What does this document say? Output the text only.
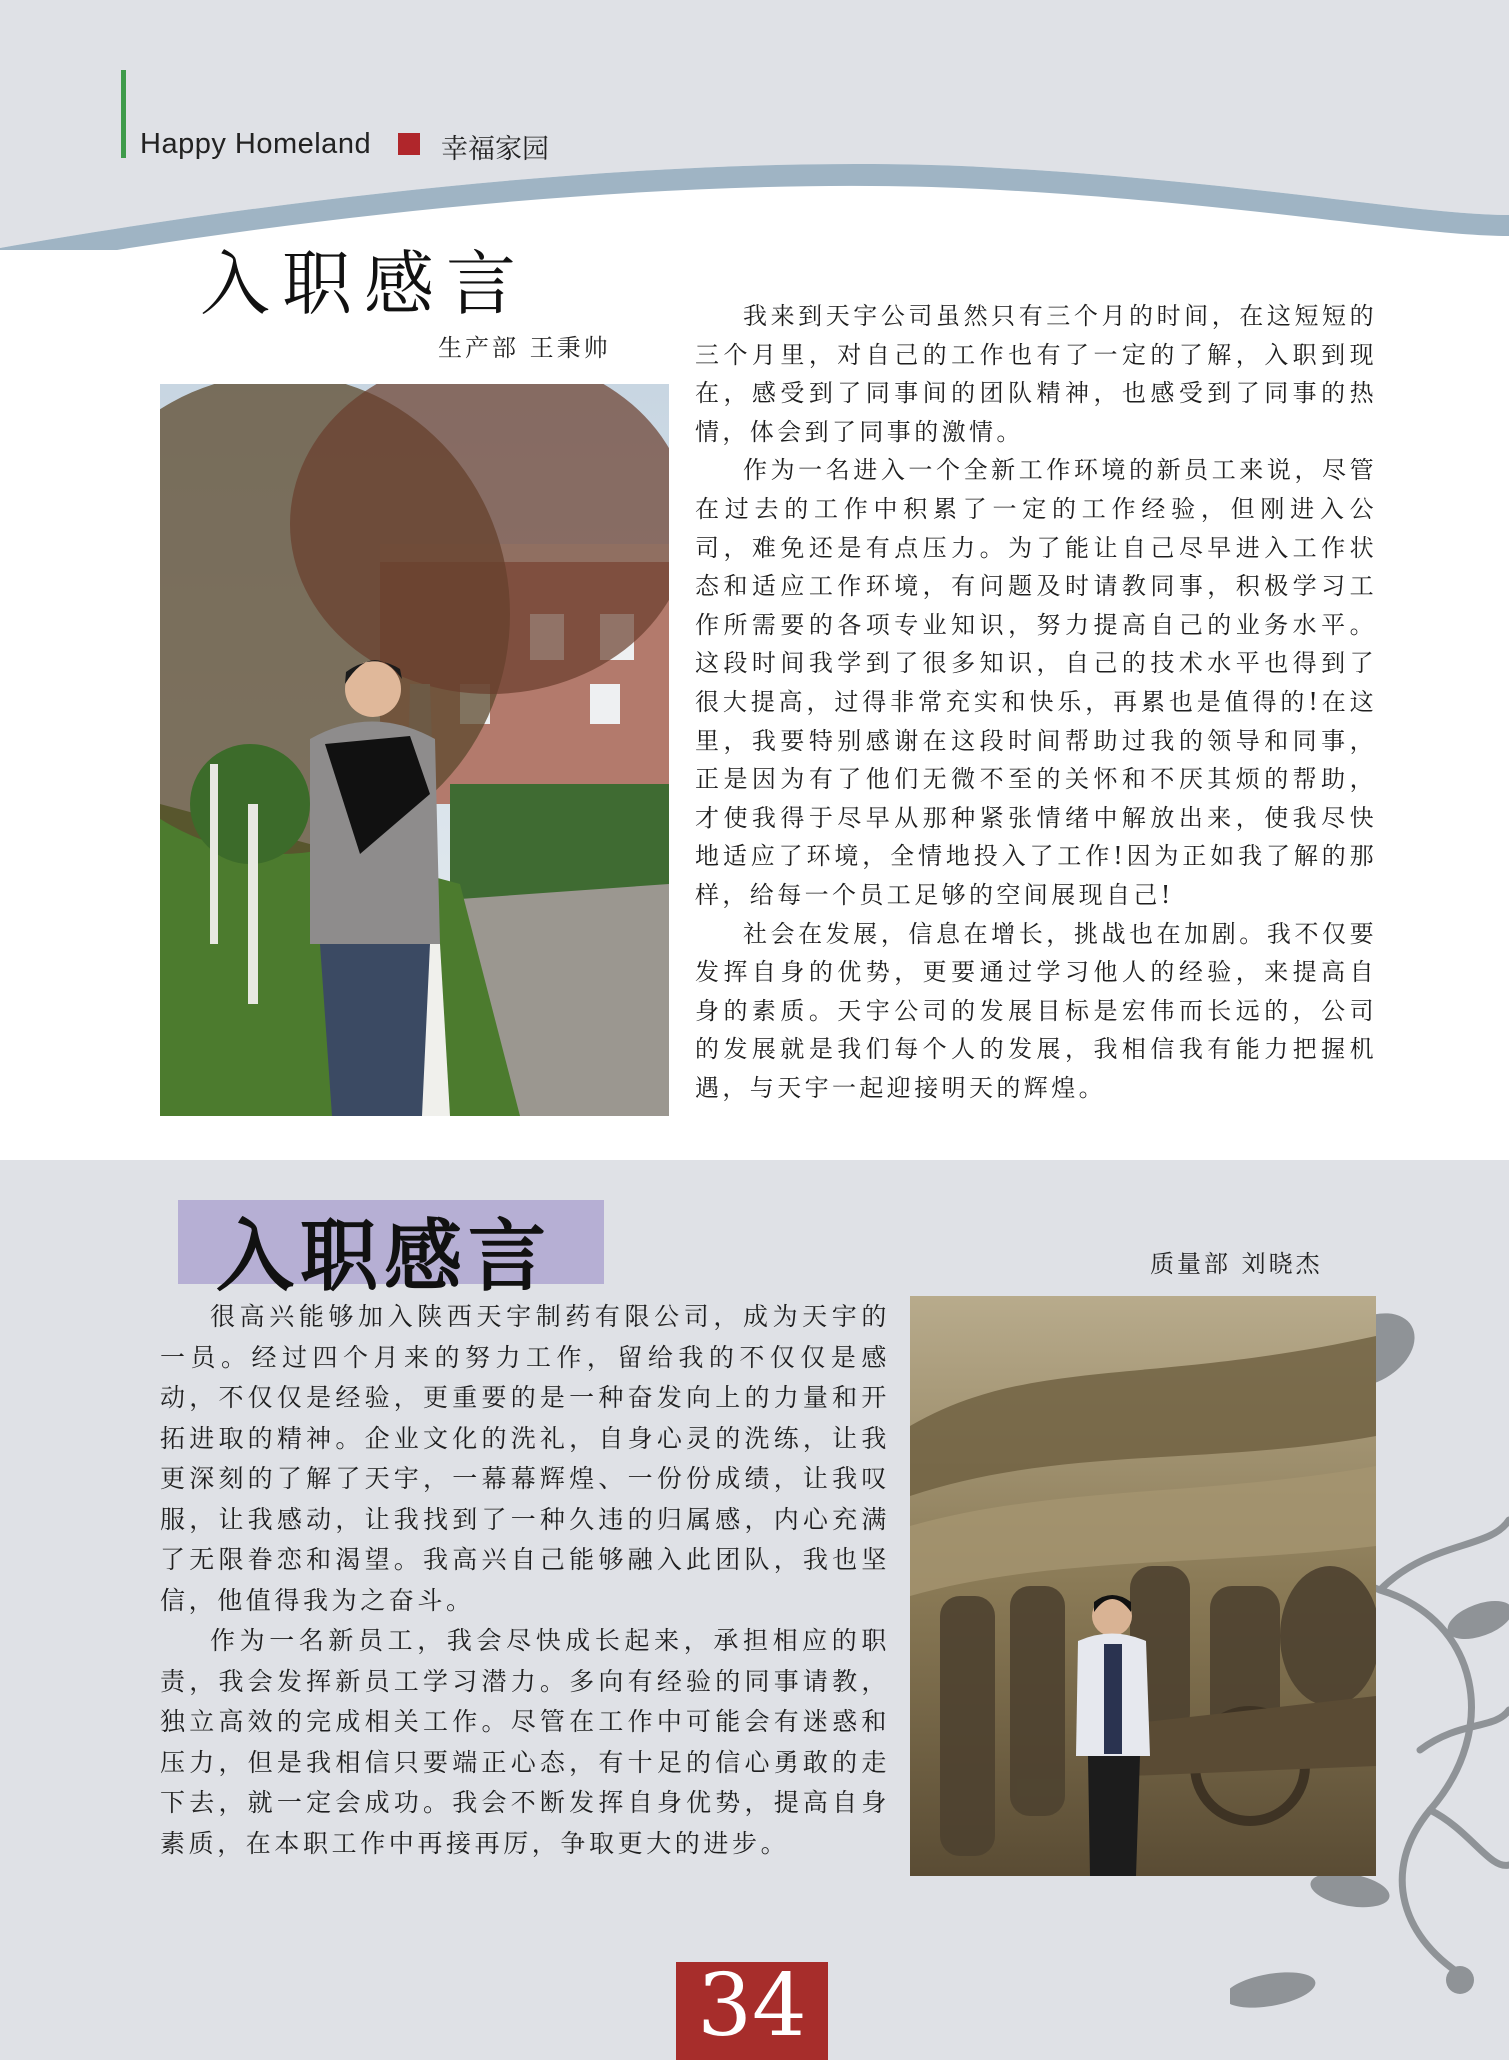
Happy Homeland	幸福家园
入职感言
生产部 王秉帅

我来到天宇公司虽然只有三个月的时间，在这短短的三个月里，对自己的工作也有了一定的了解，入职到现在，感受到了同事间的团队精神，也感受到了同事的热情，体会到了同事的激情。

作为一名进入一个全新工作环境的新员工来说，尽管在过去的工作中积累了一定的工作经验，但刚进入公司，难免还是有点压力。为了能让自己尽早进入工作状态和适应工作环境，有问题及时请教同事，积极学习工作所需要的各项专业知识，努力提高自己的业务水平。这段时间我学到了很多知识，自己的技术水平也得到了很大提高，过得非常充实和快乐，再累也是值得的!在这里，我要特别感谢在这段时间帮助过我的领导和同事，正是因为有了他们无微不至的关怀和不厌其烦的帮助，才使我得于尽早从那种紧张情绪中解放出来，使我尽快地适应了环境，全情地投入了工作!因为正如我了解的那样，给每一个员工足够的空间展现自己!

社会在发展，信息在增长，挑战也在加剧。我不仅要发挥自身的优势，更要通过学习他人的经验，来提高自身的素质。天宇公司的发展目标是宏伟而长远的，公司的发展就是我们每个人的发展，我相信我有能力把握机遇，与天宇一起迎接明天的辉煌。

入职感言	质量部 刘晓杰

很高兴能够加入陕西天宇制药有限公司，成为天宇的一员。经过四个月来的努力工作，留给我的不仅仅是感动，不仅仅是经验，更重要的是一种奋发向上的力量和开拓进取的精神。企业文化的洗礼，自身心灵的洗练，让我更深刻的了解了天宇，一幕幕辉煌、一份份成绩，让我叹服，让我感动，让我找到了一种久违的归属感，内心充满了无限眷恋和渴望。我高兴自己能够融入此团队，我也坚信，他值得我为之奋斗。

作为一名新员工，我会尽快成长起来，承担相应的职责，我会发挥新员工学习潜力。多向有经验的同事请教，独立高效的完成相关工作。尽管在工作中可能会有迷惑和压力，但是我相信只要端正心态，有十足的信心勇敢的走下去，就一定会成功。我会不断发挥自身优势，提高自身素质，在本职工作中再接再厉，争取更大的进步。

34
